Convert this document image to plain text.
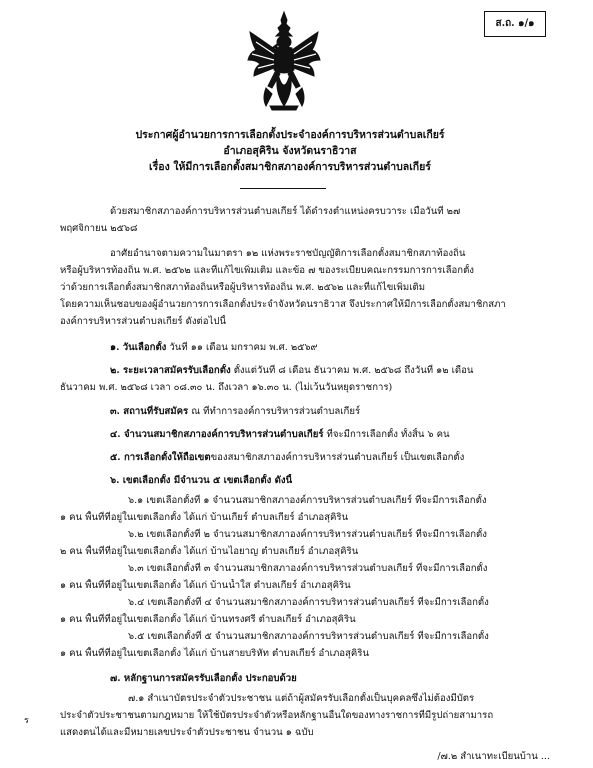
ส.ถ. ๑/๑
ประกาศผู้อำนวยการการเลือกตั้งประจำองค์การบริหารส่วนตำบลเกียร์
อำเภอสุคิริน จังหวัดนราธิวาส
เรื่อง ให้มีการเลือกตั้งสมาชิกสภาองค์การบริหารส่วนตำบลเกียร์
ด้วยสมาชิกสภาองค์การบริหารส่วนตำบลเกียร์ ได้ดำรงตำแหน่งครบวาระ เมื่อวันที่ ๒๗
พฤศจิกายน ๒๕๖๘
อาศัยอำนาจตามความในมาตรา ๑๒ แห่งพระราชบัญญัติการเลือกตั้งสมาชิกสภาท้องถิ่น
หรือผู้บริหารท้องถิ่น พ.ศ. ๒๕๖๒ และที่แก้ไขเพิ่มเติม และข้อ ๗ ของระเบียบคณะกรรมการการเลือกตั้ง
ว่าด้วยการเลือกตั้งสมาชิกสภาท้องถิ่นหรือผู้บริหารท้องถิ่น พ.ศ. ๒๕๖๒ และที่แก้ไขเพิ่มเติม
โดยความเห็นชอบของผู้อำนวยการการเลือกตั้งประจำจังหวัดนราธิวาส จึงประกาศให้มีการเลือกตั้งสมาชิกสภา
องค์การบริหารส่วนตำบลเกียร์ ดังต่อไปนี้
๑. วันเลือกตั้ง วันที่ ๑๑ เดือน มกราคม พ.ศ. ๒๕๖๙
๒. ระยะเวลาสมัครรับเลือกตั้ง ตั้งแต่วันที่ ๘ เดือน ธันวาคม พ.ศ. ๒๕๖๘ ถึงวันที่ ๑๒ เดือน
ธันวาคม พ.ศ. ๒๕๖๘ เวลา ๐๘.๓๐ น. ถึงเวลา ๑๖.๓๐ น. (ไม่เว้นวันหยุดราชการ)
๓. สถานที่รับสมัคร ณ ที่ทำการองค์การบริหารส่วนตำบลเกียร์
๔. จำนวนสมาชิกสภาองค์การบริหารส่วนตำบลเกียร์ ที่จะมีการเลือกตั้ง ทั้งสิ้น ๖ คน
๕. การเลือกตั้งให้ถือเขตของสมาชิกสภาองค์การบริหารส่วนตำบลเกียร์ เป็นเขตเลือกตั้ง
๖. เขตเลือกตั้ง มีจำนวน ๕ เขตเลือกตั้ง ดังนี้
๖.๑ เขตเลือกตั้งที่ ๑ จำนวนสมาชิกสภาองค์การบริหารส่วนตำบลเกียร์ ที่จะมีการเลือกตั้ง
๑ คน พื้นที่ที่อยู่ในเขตเลือกตั้ง ได้แก่ บ้านเกียร์ ตำบลเกียร์ อำเภอสุคิริน
๖.๒ เขตเลือกตั้งที่ ๒ จำนวนสมาชิกสภาองค์การบริหารส่วนตำบลเกียร์ ที่จะมีการเลือกตั้ง
๒ คน พื้นที่ที่อยู่ในเขตเลือกตั้ง ได้แก่ บ้านไอยาญ ตำบลเกียร์ อำเภอสุคิริน
๖.๓ เขตเลือกตั้งที่ ๓ จำนวนสมาชิกสภาองค์การบริหารส่วนตำบลเกียร์ ที่จะมีการเลือกตั้ง
๑ คน พื้นที่ที่อยู่ในเขตเลือกตั้ง ได้แก่ บ้านน้ำใส ตำบลเกียร์ อำเภอสุคิริน
๖.๔ เขตเลือกตั้งที่ ๔ จำนวนสมาชิกสภาองค์การบริหารส่วนตำบลเกียร์ ที่จะมีการเลือกตั้ง
๑ คน พื้นที่ที่อยู่ในเขตเลือกตั้ง ได้แก่ บ้านทรงศรี ตำบลเกียร์ อำเภอสุคิริน
๖.๕ เขตเลือกตั้งที่ ๕ จำนวนสมาชิกสภาองค์การบริหารส่วนตำบลเกียร์ ที่จะมีการเลือกตั้ง
๑ คน พื้นที่ที่อยู่ในเขตเลือกตั้ง ได้แก่ บ้านสายบริหัท ตำบลเกียร์ อำเภอสุคิริน
๗. หลักฐานการสมัครรับเลือกตั้ง ประกอบด้วย
๗.๑ สำเนาบัตรประจำตัวประชาชน แต่ถ้าผู้สมัครรับเลือกตั้งเป็นบุคคลซึ่งไม่ต้องมีบัตร
ประจำตัวประชาชนตามกฎหมาย ให้ใช้บัตรประจำตัวหรือหลักฐานอื่นใดของทางราชการที่มีรูปถ่ายสามารถ
แสดงตนได้และมีหมายเลขประจำตัวประชาชน จำนวน ๑ ฉบับ
ร
/๗.๒ สำเนาทะเบียนบ้าน ...
